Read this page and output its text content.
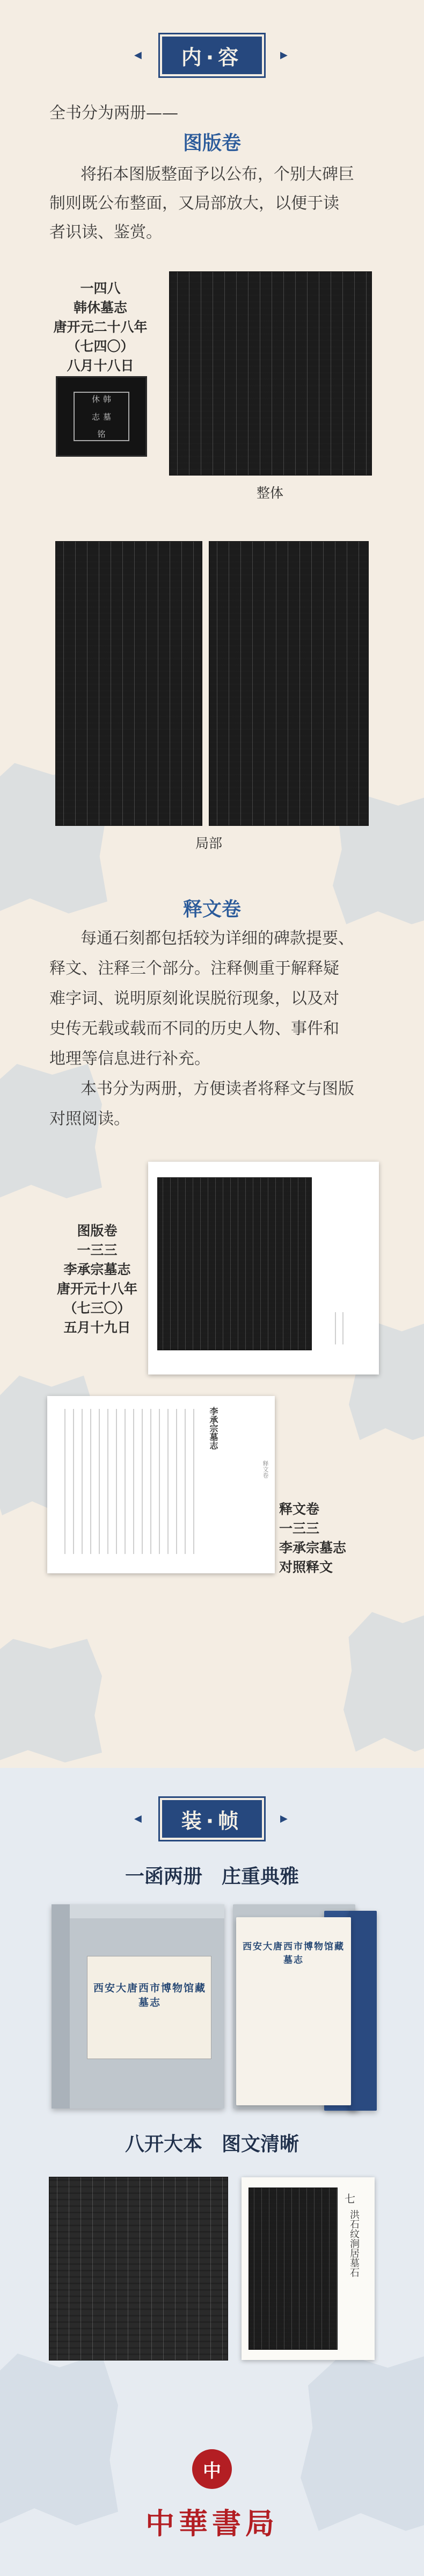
内·容
◀	▶
全书分为两册——
图版卷
将拓本图版整面予以公布，个别大碑巨
制则既公布整面，又局部放大，以便于读
者识读、鉴赏。
一四八
韩休墓志
唐开元二十八年
（七四〇）
八月十八日
韩休
墓志
铭
整体
局部
释文卷
每通石刻都包括较为详细的碑款提要、
释文、注释三个部分。注释侧重于解释疑
难字词、说明原刻讹误脱衍现象，以及对
史传无载或载而不同的历史人物、事件和
地理等信息进行补充。
本书分为两册，方便读者将释文与图版
对照阅读。
图版卷
一三三
李承宗墓志
唐开元十八年
（七三〇）
五月十九日
李承宗墓志
释文卷
释文卷
一三三
李承宗墓志
对照释文
装·帧
◀	▶
一函两册　庄重典雅
西安大唐西市博物馆藏墓志
西安大唐西市博物馆藏墓志
八开大本　图文清晰
七
洪石纹涧居墓石
中
中華書局
